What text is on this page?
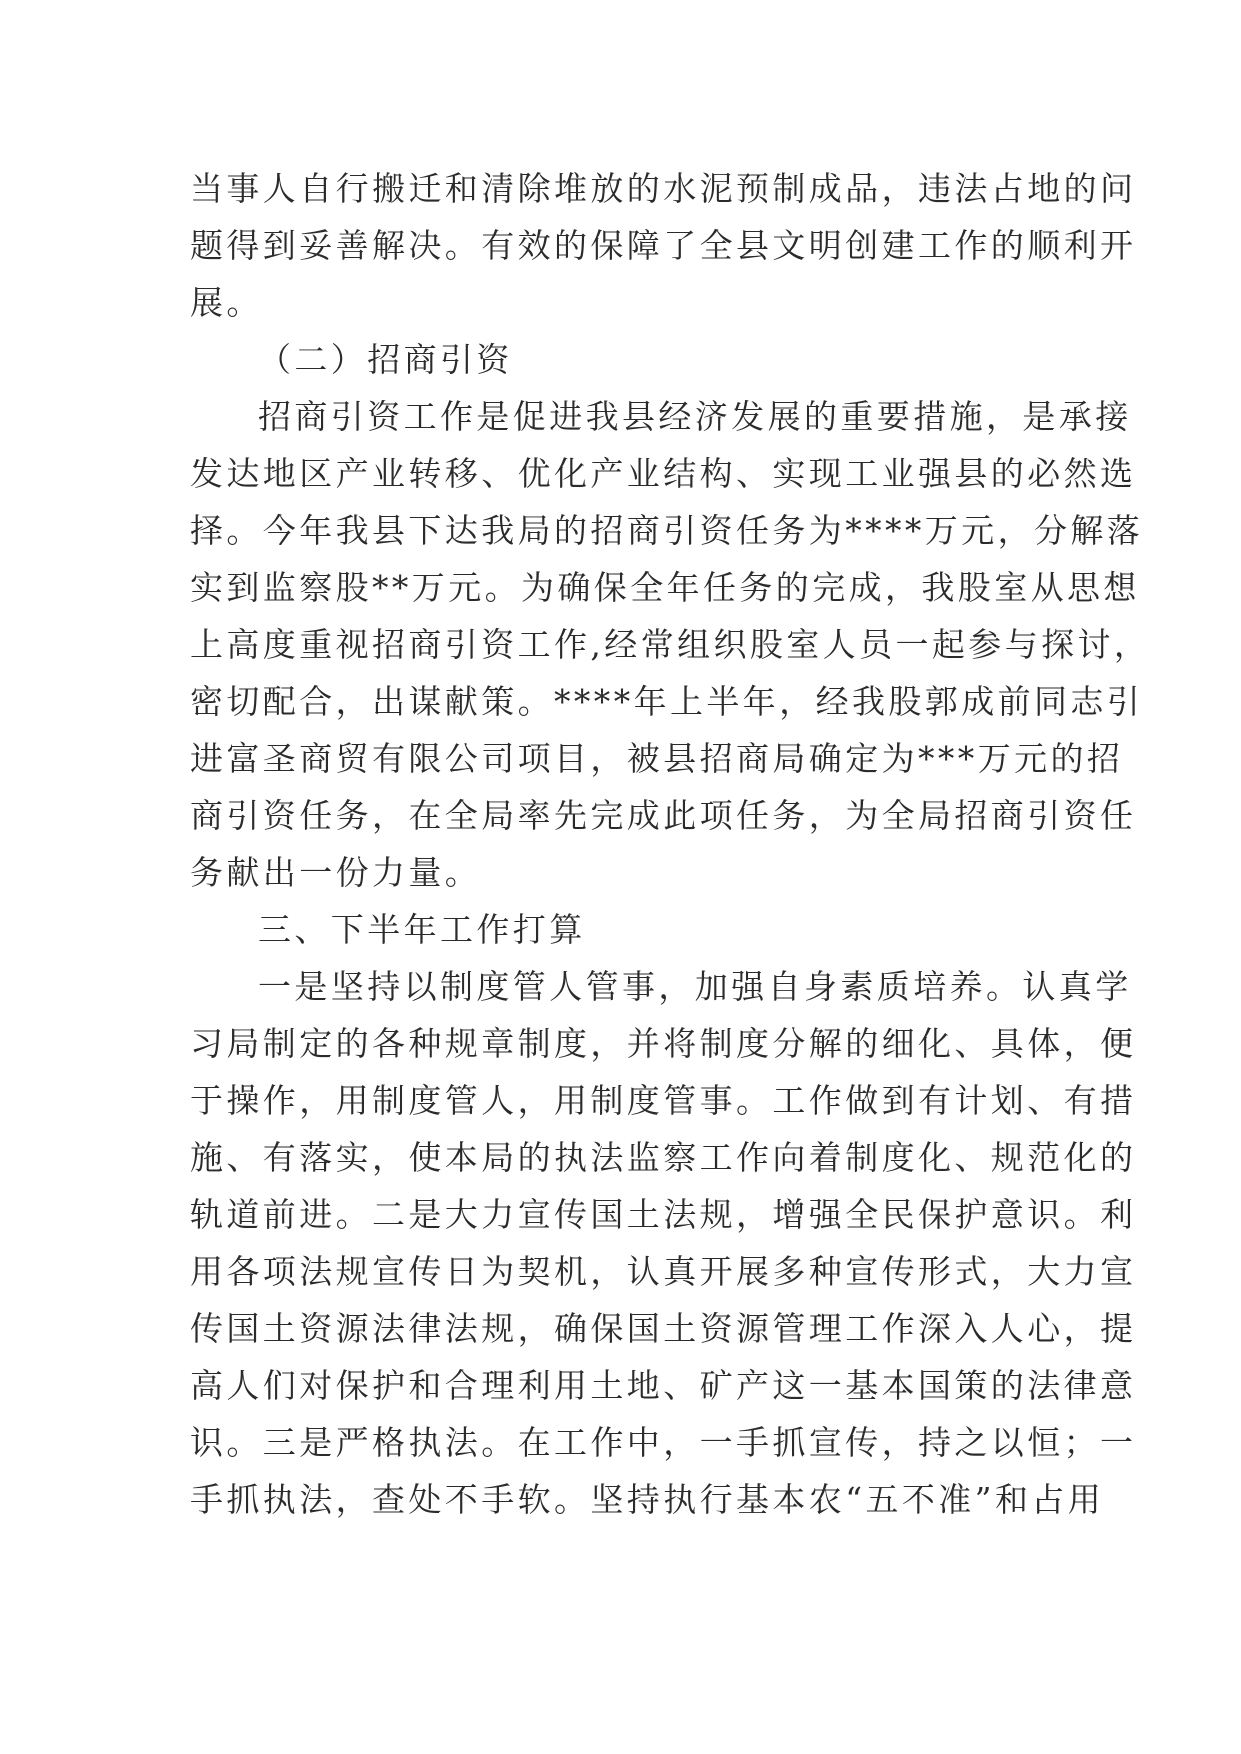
当事人自行搬迁和清除堆放的水泥预制成品，违法占地的问
题得到妥善解决。有效的保障了全县文明创建工作的顺利开
展。
（二）招商引资
招商引资工作是促进我县经济发展的重要措施，是承接
发达地区产业转移、优化产业结构、实现工业强县的必然选
择。今年我县下达我局的招商引资任务为****万元，分解落
实到监察股**万元。为确保全年任务的完成，我股室从思想
上高度重视招商引资工作,经常组织股室人员一起参与探讨，
密切配合，出谋献策。****年上半年，经我股郭成前同志引
进富圣商贸有限公司项目，被县招商局确定为***万元的招
商引资任务，在全局率先完成此项任务，为全局招商引资任
务献出一份力量。
三、下半年工作打算
一是坚持以制度管人管事，加强自身素质培养。认真学
习局制定的各种规章制度，并将制度分解的细化、具体，便
于操作，用制度管人，用制度管事。工作做到有计划、有措
施、有落实，使本局的执法监察工作向着制度化、规范化的
轨道前进。二是大力宣传国土法规，增强全民保护意识。利
用各项法规宣传日为契机，认真开展多种宣传形式，大力宣
传国土资源法律法规，确保国土资源管理工作深入人心，提
高人们对保护和合理利用土地、矿产这一基本国策的法律意
识。三是严格执法。在工作中，一手抓宣传，持之以恒；一
手抓执法，查处不手软。坚持执行基本农“五不准”和占用
